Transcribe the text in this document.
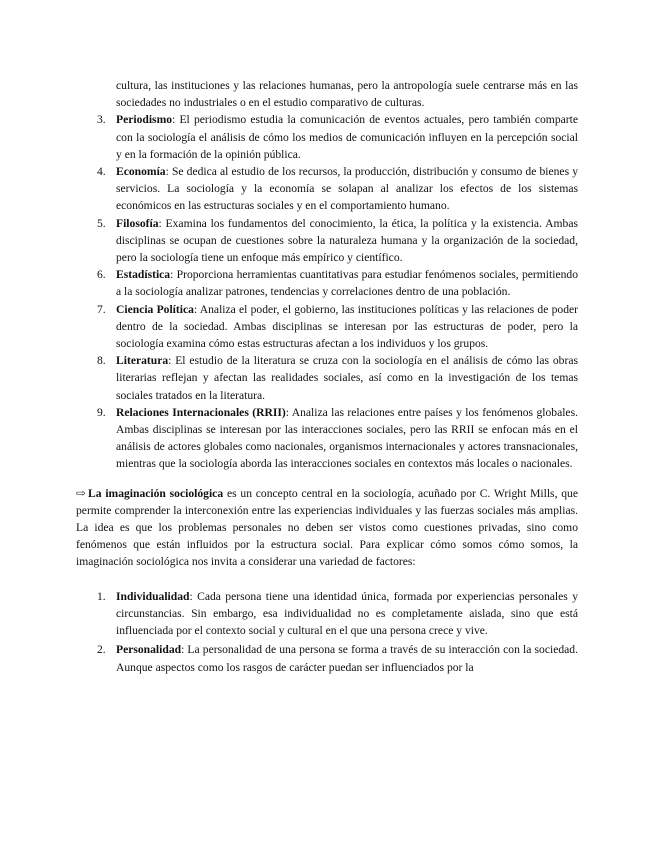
cultura, las instituciones y las relaciones humanas, pero la antropología suele centrarse más en las sociedades no industriales o en el estudio comparativo de culturas.

3. Periodismo: El periodismo estudia la comunicación de eventos actuales, pero también comparte con la sociología el análisis de cómo los medios de comunicación influyen en la percepción social y en la formación de la opinión pública.
4. Economía: Se dedica al estudio de los recursos, la producción, distribución y consumo de bienes y servicios. La sociología y la economía se solapan al analizar los efectos de los sistemas económicos en las estructuras sociales y en el comportamiento humano.
5. Filosofía: Examina los fundamentos del conocimiento, la ética, la política y la existencia. Ambas disciplinas se ocupan de cuestiones sobre la naturaleza humana y la organización de la sociedad, pero la sociología tiene un enfoque más empírico y científico.
6. Estadística: Proporciona herramientas cuantitativas para estudiar fenómenos sociales, permitiendo a la sociología analizar patrones, tendencias y correlaciones dentro de una población.
7. Ciencia Política: Analiza el poder, el gobierno, las instituciones políticas y las relaciones de poder dentro de la sociedad. Ambas disciplinas se interesan por las estructuras de poder, pero la sociología examina cómo estas estructuras afectan a los individuos y los grupos.
8. Literatura: El estudio de la literatura se cruza con la sociología en el análisis de cómo las obras literarias reflejan y afectan las realidades sociales, así como en la investigación de los temas sociales tratados en la literatura.
9. Relaciones Internacionales (RRII): Analiza las relaciones entre países y los fenómenos globales. Ambas disciplinas se interesan por las interacciones sociales, pero las RRII se enfocan más en el análisis de actores globales como nacionales, organismos internacionales y actores transnacionales, mientras que la sociología aborda las interacciones sociales en contextos más locales o nacionales.

⇨ La imaginación sociológica es un concepto central en la sociología, acuñado por C. Wright Mills, que permite comprender la interconexión entre las experiencias individuales y las fuerzas sociales más amplias. La idea es que los problemas personales no deben ser vistos como cuestiones privadas, sino como fenómenos que están influidos por la estructura social. Para explicar cómo somos cómo somos, la imaginación sociológica nos invita a considerar una variedad de factores:

1. Individualidad: Cada persona tiene una identidad única, formada por experiencias personales y circunstancias. Sin embargo, esa individualidad no es completamente aislada, sino que está influenciada por el contexto social y cultural en el que una persona crece y vive.
2. Personalidad: La personalidad de una persona se forma a través de su interacción con la sociedad. Aunque aspectos como los rasgos de carácter puedan ser influenciados por la
